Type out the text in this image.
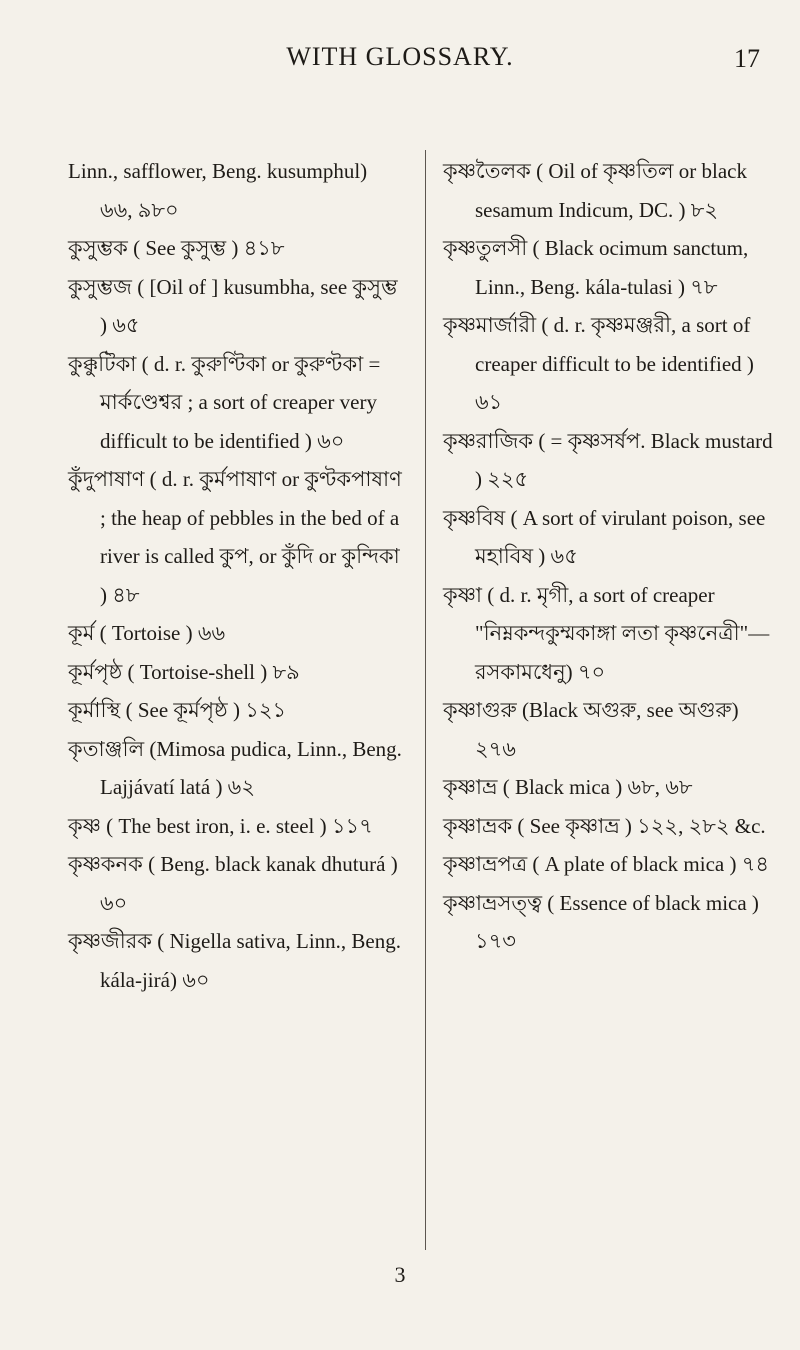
WITH GLOSSARY.	17
Linn., safflower, Beng. kusumphul) ৬৬, ৯৮০
কুসুম্ভক ( See কুসুম্ভ ) ৪১৮
কুসুম্ভজ ( [Oil of ] kusumbha, see কুসুম্ভ ) ৬৫
কুক্কুটিকা ( d. r. কুরুণ্টিকা or কুরুণ্টকা = মার্কণ্ডেশ্বর ; a sort of creaper very difficult to be identified ) ৬০
কুঁদুপাষাণ ( d. r. কুর্মপাষাণ or কুণ্টকপাষাণ ; the heap of pebbles in the bed of a river is called কুপ, or কুঁদি or কুন্দিকা ) ৪৮
কূর্ম ( Tortoise ) ৬৬
কূর্মপৃষ্ঠ ( Tortoise-shell ) ৮৯
কূর্মাস্থি ( See কূর্মপৃষ্ঠ ) ১২১
কৃতাঞ্জলি (Mimosa pudica, Linn., Beng. Lajjávatí latá ) ৬২
কৃষ্ণ ( The best iron, i. e. steel ) ১১৭
কৃষ্ণকনক ( Beng. black kanak dhuturá ) ৬০
কৃষ্ণজীরক ( Nigella sativa, Linn., Beng. kála-jirá) ৬০
কৃষ্ণতৈলক ( Oil of কৃষ্ণতিল or black sesamum Indicum, DC. ) ৮২
কৃষ্ণতুলসী ( Black ocimum sanctum, Linn., Beng. kála-tulasi ) ৭৮
কৃষ্ণমার্জারী ( d. r. কৃষ্ণমঞ্জরী, a sort of creaper difficult to be identified ) ৬১
কৃষ্ণরাজিক ( = কৃষ্ণসর্ষপ. Black mustard ) ২২৫
কৃষ্ণবিষ ( A sort of virulant poison, see মহাবিষ ) ৬৫
কৃষ্ণা ( d. r. মৃগী, a sort of creaper "নিম্নকন্দকুম্মকাঙ্গা লতা কৃষ্ণনেত্রী"—রসকামধেনু) ৭০
কৃষ্ণাগুরু (Black অগুরু, see অগুরু) ২৭৬
কৃষ্ণাভ্র ( Black mica ) ৬৮, ৬৮
কৃষ্ণাভ্রক ( See কৃষ্ণাভ্র ) ১২২, ২৮২ &c.
কৃষ্ণাভ্রপত্র ( A plate of black mica ) ৭৪
কৃষ্ণাভ্রসত্ত্ব ( Essence of black mica ) ১৭৩
3
